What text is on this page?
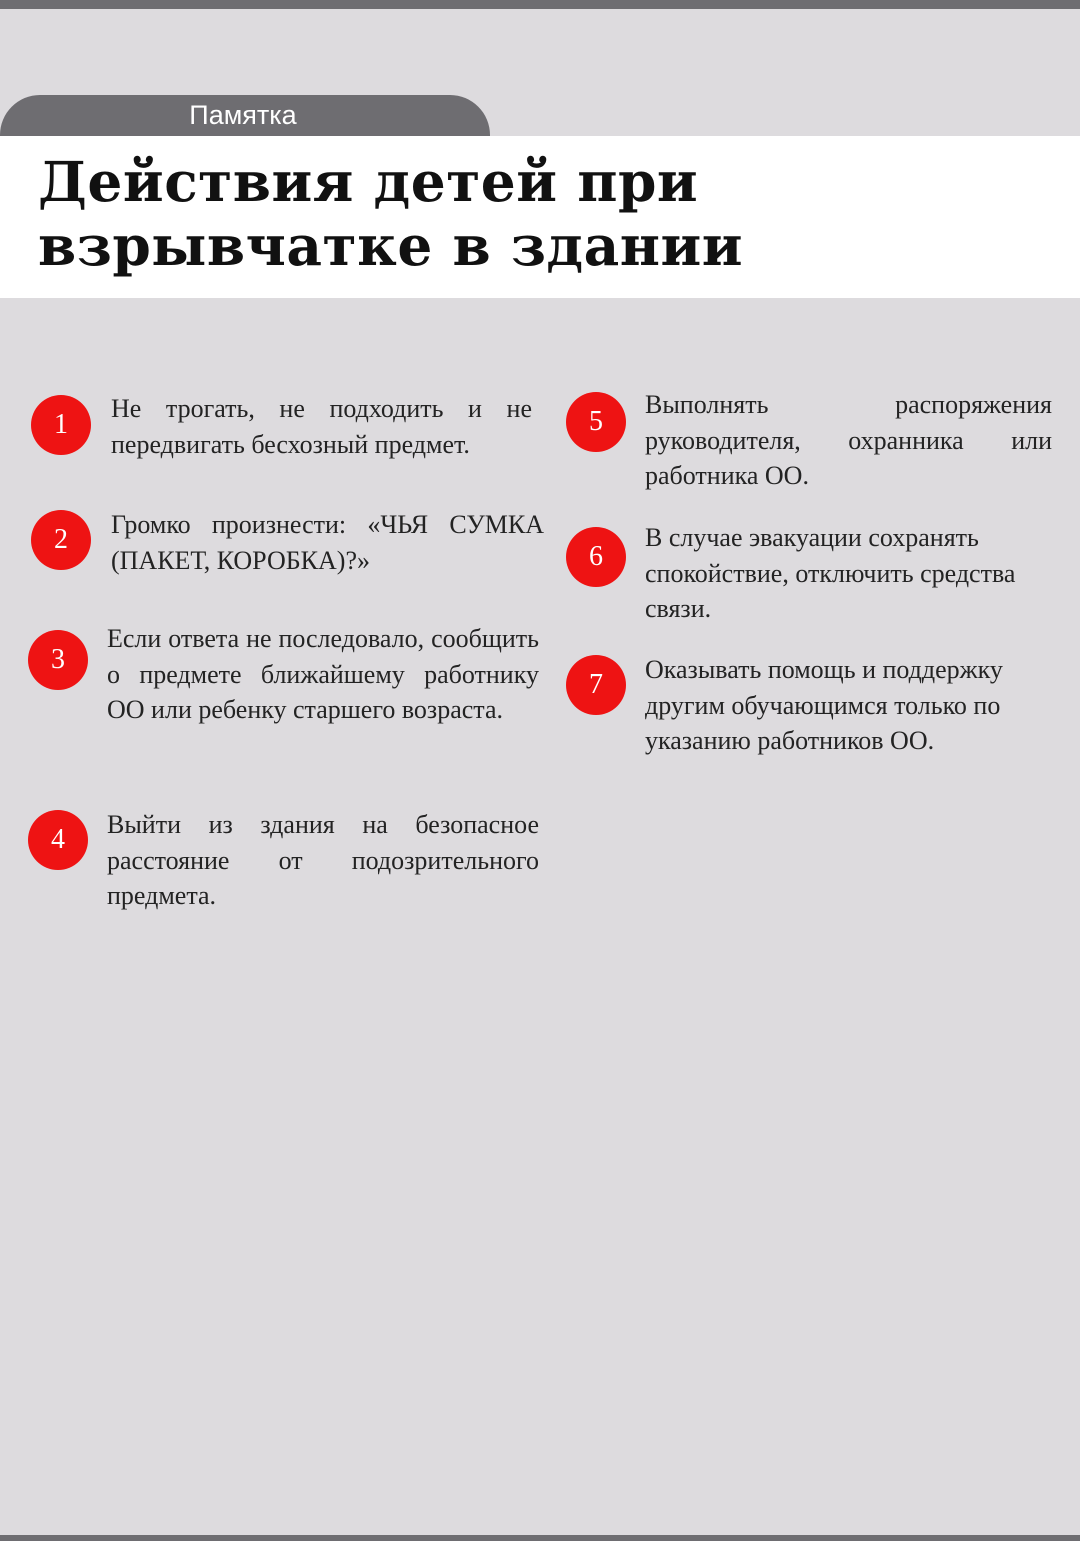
Памятка
Действия детей при
взрывчатке в здании
1

Не трогать, не подходить и не передвигать бесхозный предмет.

2	Громко произнести: «ЧЬЯ СУМКА (ПАКЕТ, КОРОБКА)?»

3

Если ответа не последовало, сообщить о предмете ближайшему работнику ОО или ребенку старшего возраста.

4	Выйти из здания на безопасное расстояние от подозрительного предмета.

5

Выполнять распоряжения руководителя, охранника или работника ОО.

6

В случае эвакуации сохранять спокойствие, отключить средства связи.

7	Оказывать помощь и поддержку другим обучающимся только по указанию работников ОО.
